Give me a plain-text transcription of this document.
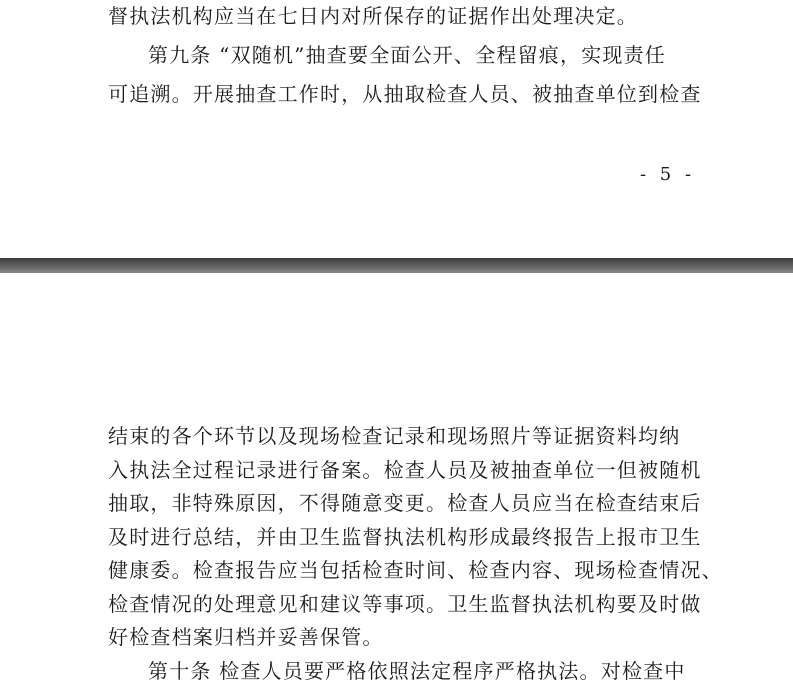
督执法机构应当在七日内对所保存的证据作出处理决定。
第九条 “双随机”抽查要全面公开、全程留痕，实现责任
可追溯。开展抽查工作时，从抽取检查人员、被抽查单位到检查
- 5 -
结束的各个环节以及现场检查记录和现场照片等证据资料均纳
入执法全过程记录进行备案。检查人员及被抽查单位一但被随机
抽取，非特殊原因，不得随意变更。检查人员应当在检查结束后
及时进行总结，并由卫生监督执法机构形成最终报告上报市卫生
健康委。检查报告应当包括检查时间、检查内容、现场检查情况、
检查情况的处理意见和建议等事项。卫生监督执法机构要及时做
好检查档案归档并妥善保管。
第十条 检查人员要严格依照法定程序严格执法。对检查中
